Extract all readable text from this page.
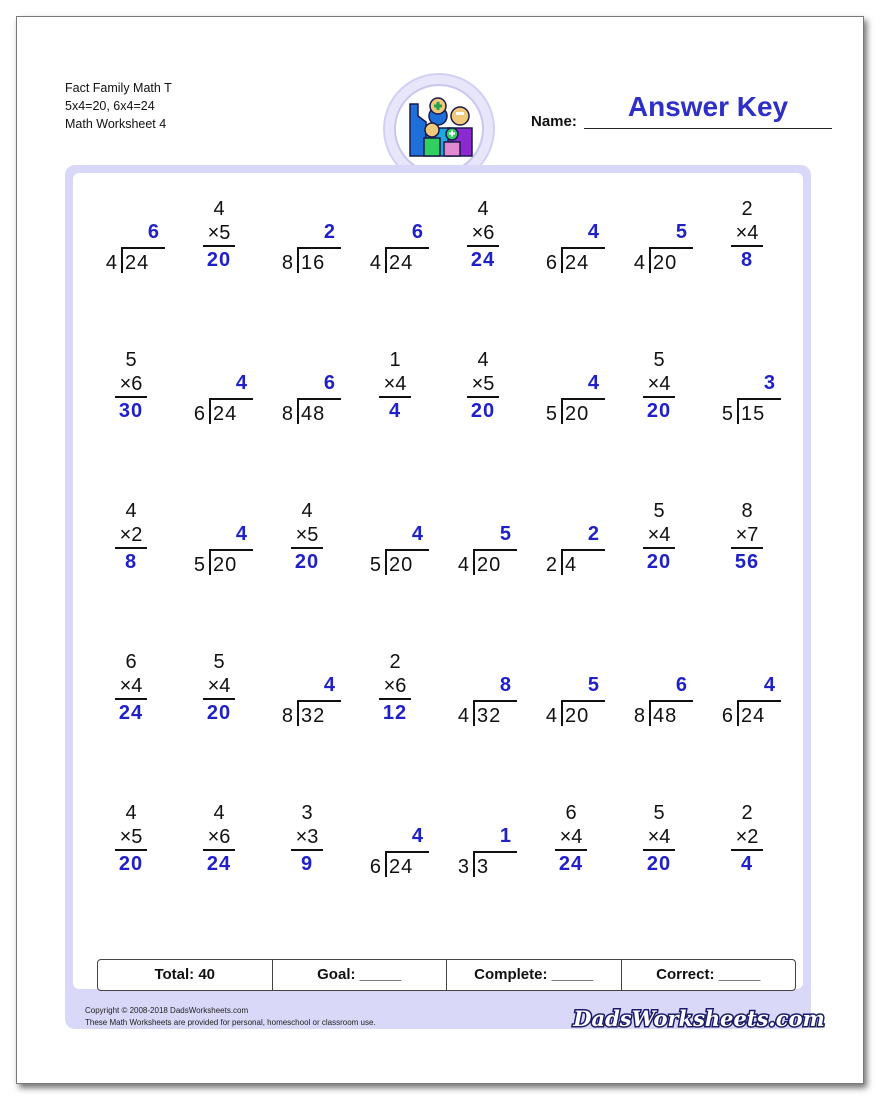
Fact Family Math T
5x4=20, 6x4=24
Math Worksheet 4	Name:	Answer Key
6
4 24
4
×5
20
2
8 16
6
4 24
4
×6
24
4
6 24
5
4 20
2
×4
8
5
×6
30
4
6 24
6
8 48
1
×4
4
4
×5
20
4
5 20
5
×4
20
3
5 15
4
×2
8
4
5 20
4
×5
20
4
5 20
5
4 20
2
2 4
5
×4
20
8
×7
56
6
×4
24
5
×4
20
4
8 32
2
×6
12
8
4 32
5
4 20
6
8 48
4
6 24
4
×5
20
4
×6
24
3
×3
9
4
6 24
1
3 3
6
×4
24
5
×4
20
2
×2
4
Total: 40	Goal: _____	Complete: _____	Correct: _____
Copyright © 2008-2018 DadsWorksheets.com
These Math Worksheets are provided for personal, homeschool or classroom use.	DadsWorksheets.com
